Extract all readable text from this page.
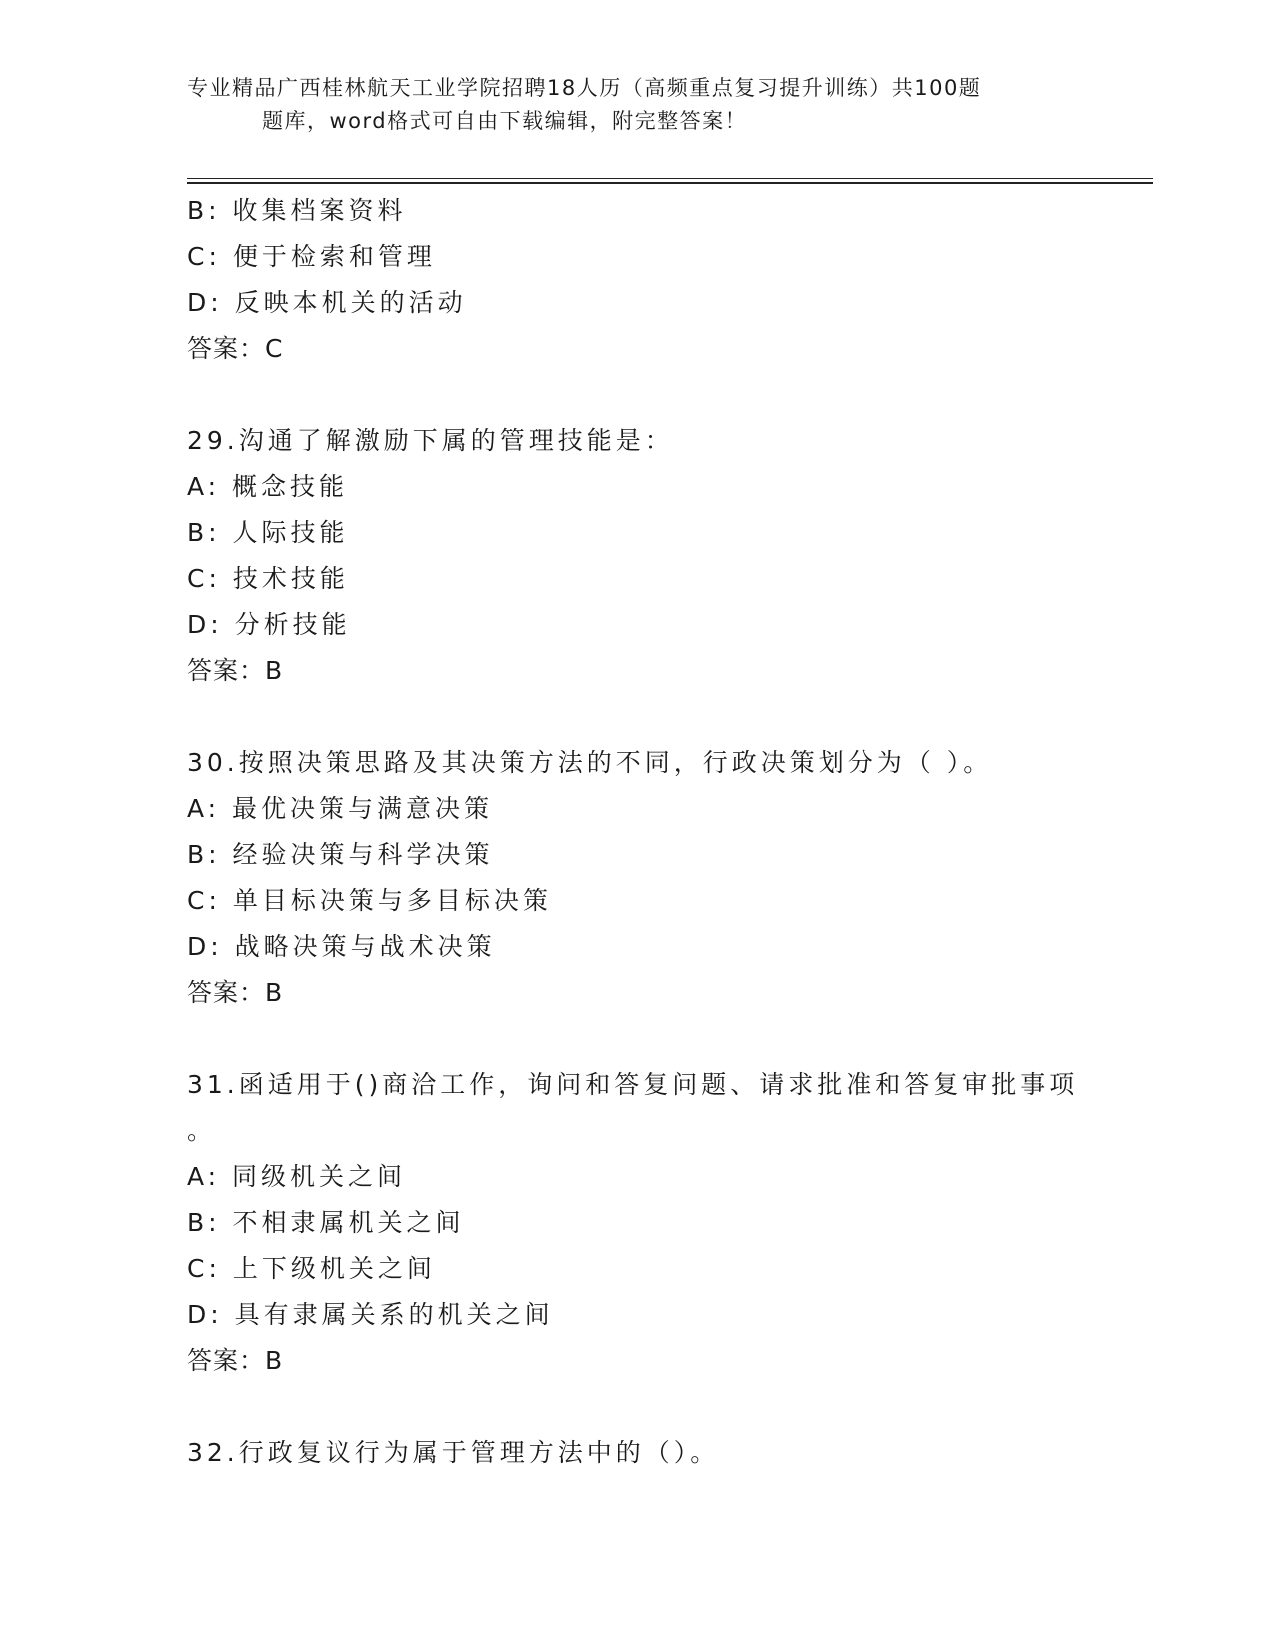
专业精品广西桂林航天工业学院招聘18人历（高频重点复习提升训练）共100题
题库，word格式可自由下载编辑，附完整答案！
B: 收集档案资料
C: 便于检索和管理
D: 反映本机关的活动
答案：C
29.沟通了解激励下属的管理技能是：
A: 概念技能
B: 人际技能
C: 技术技能
D: 分析技能
答案：B
30.按照决策思路及其决策方法的不同，行政决策划分为（ ）。
A: 最优决策与满意决策
B: 经验决策与科学决策
C: 单目标决策与多目标决策
D: 战略决策与战术决策
答案：B
31.函适用于()商洽工作，询问和答复问题、请求批准和答复审批事项
。
A: 同级机关之间
B: 不相隶属机关之间
C: 上下级机关之间
D: 具有隶属关系的机关之间
答案：B
32.行政复议行为属于管理方法中的（）。
